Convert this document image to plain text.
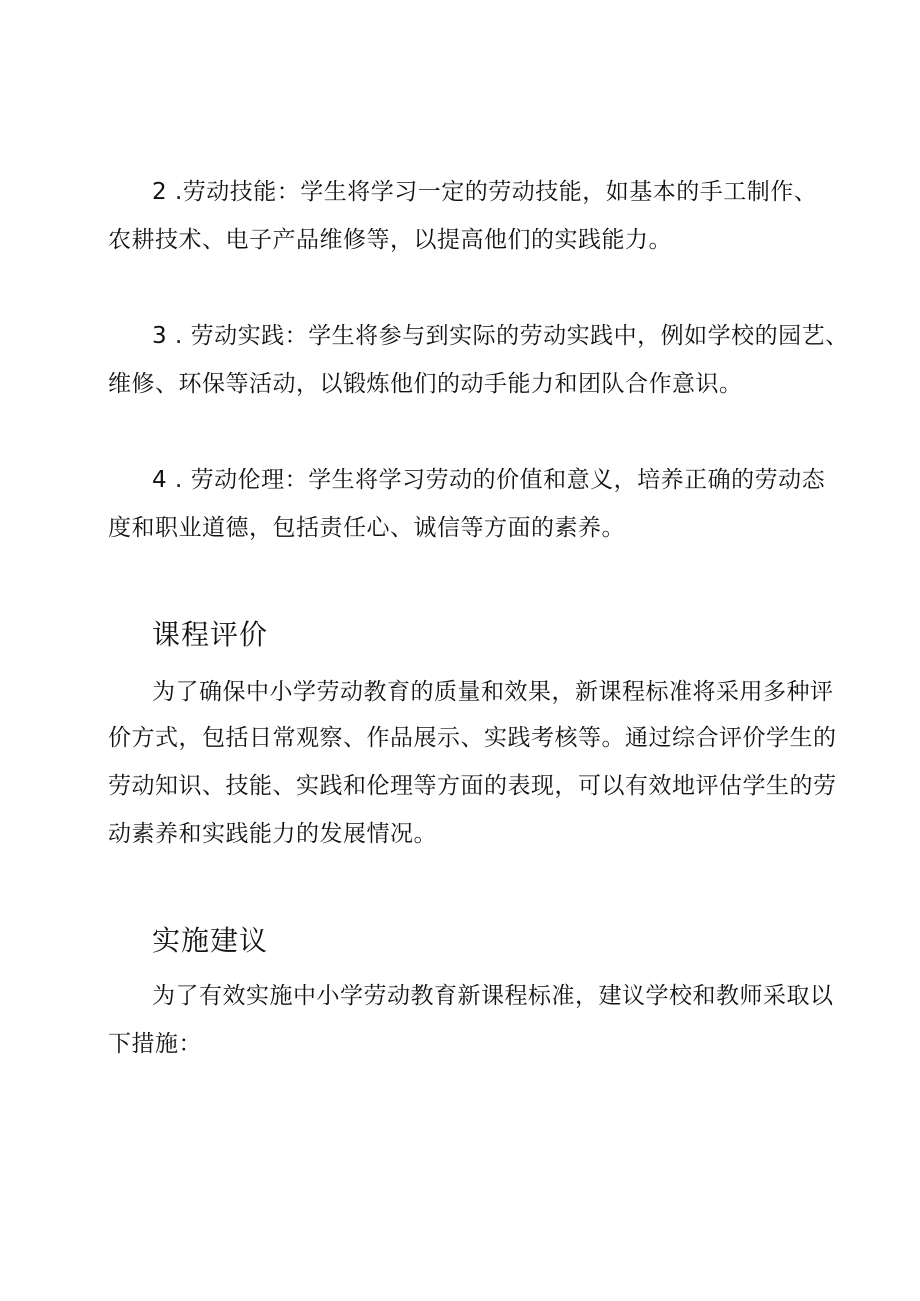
2 .劳动技能：学生将学习一定的劳动技能，如基本的手工制作、
农耕技术、电子产品维修等，以提高他们的实践能力。
3 . 劳动实践：学生将参与到实际的劳动实践中，例如学校的园艺、
维修、环保等活动，以锻炼他们的动手能力和团队合作意识。
4 . 劳动伦理：学生将学习劳动的价值和意义，培养正确的劳动态
度和职业道德，包括责任心、诚信等方面的素养。
课程评价
为了确保中小学劳动教育的质量和效果，新课程标准将采用多种评
价方式，包括日常观察、作品展示、实践考核等。通过综合评价学生的
劳动知识、技能、实践和伦理等方面的表现，可以有效地评估学生的劳
动素养和实践能力的发展情况。
实施建议
为了有效实施中小学劳动教育新课程标准，建议学校和教师采取以
下措施：
